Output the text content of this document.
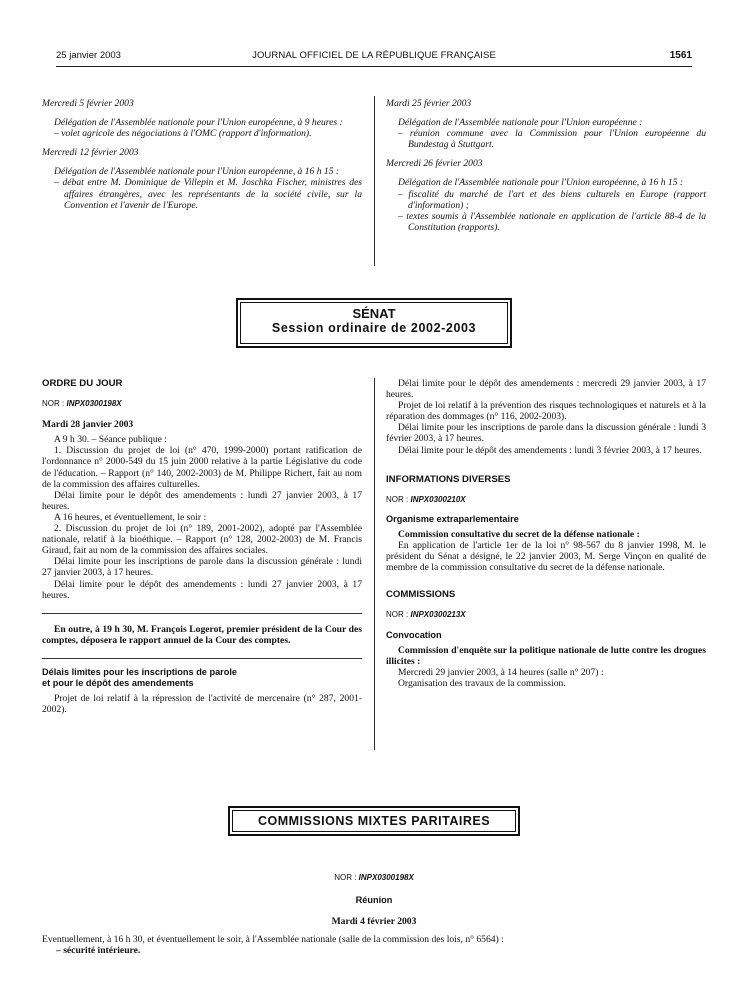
25 janvier 2003	JOURNAL OFFICIEL DE LA RÉPUBLIQUE FRANÇAISE	1561

Mercredi 5 février 2003

Délégation de l'Assemblée nationale pour l'Union européenne, à 9 heures :

– volet agricole des négociations à l'OMC (rapport d'information).

Mercredi 12 février 2003

Délégation de l'Assemblée nationale pour l'Union européenne, à 16 h 15 :

– débat entre M. Dominique de Villepin et M. Joschka Fischer, ministres des affaires étrangères, avec les représentants de la société civile, sur la Convention et l'avenir de l'Europe.

Mardi 25 février 2003

Délégation de l'Assemblée nationale pour l'Union européenne :

– réunion commune avec la Commission pour l'Union européenne du Bundestag à Stuttgart.

Mercredi 26 février 2003

Délégation de l'Assemblée nationale pour l'Union européenne, à 16 h 15 :

– fiscalité du marché de l'art et des biens culturels en Europe (rapport d'information) ;

– textes soumis à l'Assemblée nationale en application de l'article 88-4 de la Constitution (rapports).

SÉNAT
Session ordinaire de 2002-2003

ORDRE DU JOUR

NOR : INPX0300198X

Mardi 28 janvier 2003

A 9 h 30. – Séance publique :

1. Discussion du projet de loi (n° 470, 1999-2000) portant ratification de l'ordonnance n° 2000-549 du 15 juin 2000 relative à la partie Législative du code de l'éducation. – Rapport (n° 140, 2002-2003) de M. Philippe Richert, fait au nom de la commission des affaires culturelles.

Délai limite pour le dépôt des amendements : lundi 27 janvier 2003, à 17 heures.

A 16 heures, et éventuellement, le soir :

2. Discussion du projet de loi (n° 189, 2001-2002), adopté par l'Assemblée nationale, relatif à la bioéthique. – Rapport (n° 128, 2002-2003) de M. Francis Giraud, fait au nom de la commission des affaires sociales.

Délai limite pour les inscriptions de parole dans la discussion générale : lundi 27 janvier 2003, à 17 heures.

Délai limite pour le dépôt des amendements : lundi 27 janvier 2003, à 17 heures.

En outre, à 19 h 30, M. François Logerot, premier président de la Cour des comptes, déposera le rapport annuel de la Cour des comptes.

Délais limites pour les inscriptions de parole

et pour le dépôt des amendements

Projet de loi relatif à la répression de l'activité de mercenaire (n° 287, 2001-2002).

Délai limite pour le dépôt des amendements : mercredi 29 janvier 2003, à 17 heures.

Projet de loi relatif à la prévention des risques technologiques et naturels et à la réparation des dommages (n° 116, 2002-2003).

Délai limite pour les inscriptions de parole dans la discussion générale : lundi 3 février 2003, à 17 heures.

Délai limite pour le dépôt des amendements : lundi 3 février 2003, à 17 heures.

INFORMATIONS DIVERSES

NOR : INPX0300210X

Organisme extraparlementaire

Commission consultative du secret de la défense nationale :

En application de l'article 1er de la loi n° 98-567 du 8 janvier 1998, M. le président du Sénat a désigné, le 22 janvier 2003, M. Serge Vinçon en qualité de membre de la commission consultative du secret de la défense nationale.

COMMISSIONS

NOR : INPX0300213X

Convocation

Commission d'enquête sur la politique nationale de lutte contre les drogues illicites :

Mercredi 29 janvier 2003, à 14 heures (salle n° 207) :

Organisation des travaux de la commission.

COMMISSIONS MIXTES PARITAIRES

NOR : INPX0300198X

Réunion

Mardi 4 février 2003

Eventuellement, à 16 h 30, et éventuellement le soir, à l'Assemblée nationale (salle de la commission des lois, n° 6564) :

– sécurité intérieure.
